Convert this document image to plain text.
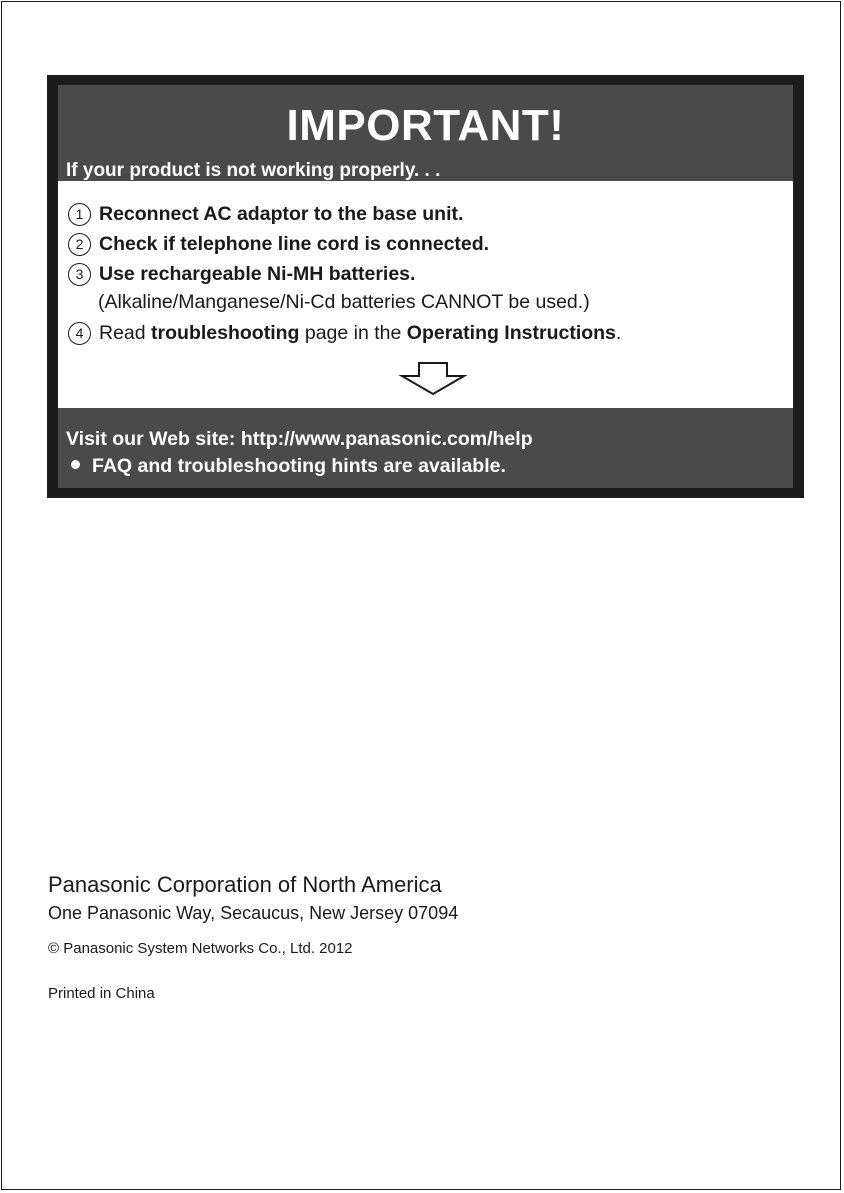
IMPORTANT!
If your product is not working properly. . .
1 Reconnect AC adaptor to the base unit.
2 Check if telephone line cord is connected.
3 Use rechargeable Ni-MH batteries.
(Alkaline/Manganese/Ni-Cd batteries CANNOT be used.)
4 Read troubleshooting page in the Operating Instructions.
Visit our Web site: http://www.panasonic.com/help
FAQ and troubleshooting hints are available.
Panasonic Corporation of North America
One Panasonic Way, Secaucus, New Jersey 07094
© Panasonic System Networks Co., Ltd. 2012
Printed in China
